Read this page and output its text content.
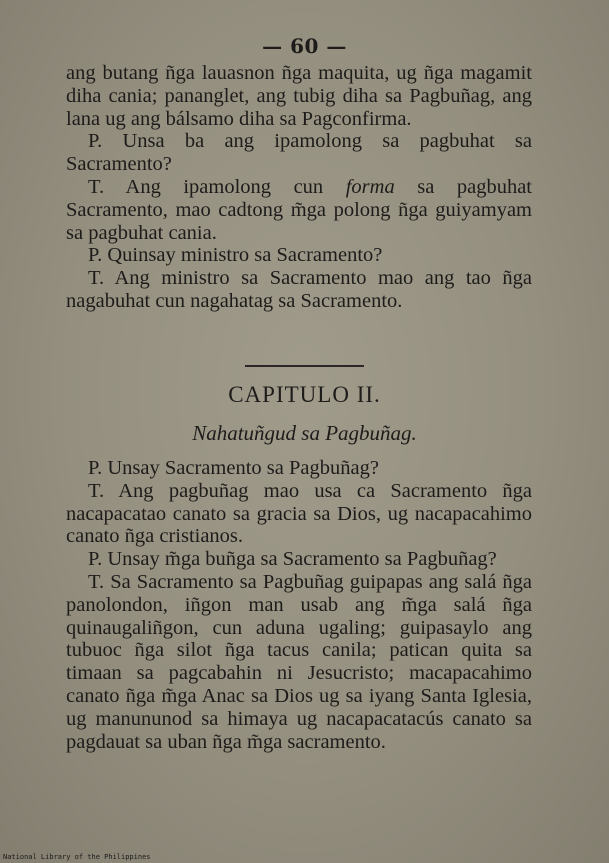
— 60 —

ang butang ñga lauasnon ñga maquita, ug ñga magamit diha cania; pananglet, ang tubig diha sa Pagbuñag, ang lana ug ang bálsamo diha sa Pagconfirma.

P. Unsa ba ang ipamolong sa pagbuhat sa Sacramento?

T. Ang ipamolong cun forma sa pagbuhat Sacramento, mao cadtong m̃ga polong ñga guiyamyam sa pagbuhat cania.

P. Quinsay ministro sa Sacramento?

T. Ang ministro sa Sacramento mao ang tao ñga nagabuhat cun nagahatag sa Sacramento.

CAPITULO II.
Nahatuñgud sa Pagbuñag.

P. Unsay Sacramento sa Pagbuñag?

T. Ang pagbuñag mao usa ca Sacramento ñga nacapacatao canato sa gracia sa Dios, ug nacapacahimo canato ñga cristianos.

P. Unsay m̃ga buñga sa Sacramento sa Pagbuñag?

T. Sa Sacramento sa Pagbuñag guipapas ang salá ñga panolondon, iñgon man usab ang m̃ga salá ñga quinaugaliñgon, cun aduna ugaling; guipasaylo ang tubuoc ñga silot ñga tacus canila; patican quita sa timaan sa pagcabahin ni Jesucristo; macapacahimo canato ñga m̃ga Anac sa Dios ug sa iyang Santa Iglesia, ug manununod sa himaya ug nacapacatacús canato sa pagdauat sa uban ñga m̃ga sacramento.

National Library of the Philippines
